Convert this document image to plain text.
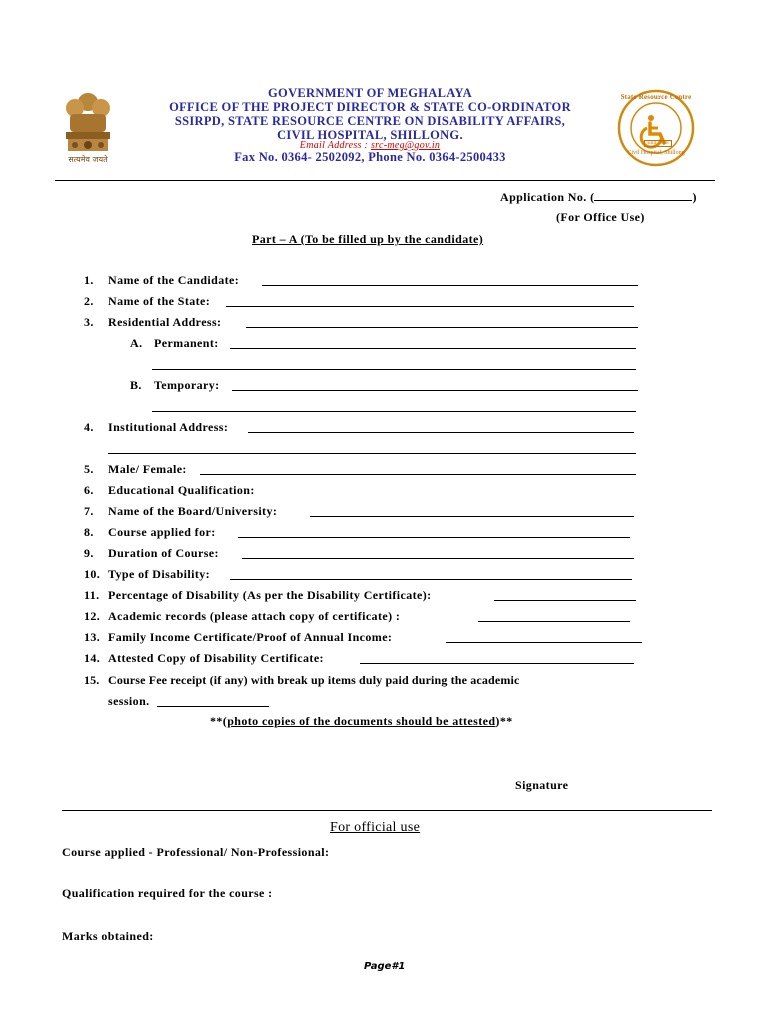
सत्यमेव जयते
State Resource Centre
Civil Hospital, Shillong
Estd. 2008
GOVERNMENT OF MEGHALAYA
OFFICE OF THE PROJECT DIRECTOR & STATE CO-ORDINATOR
SSIRPD, STATE RESOURCE CENTRE ON DISABILITY AFFAIRS,
CIVIL HOSPITAL, SHILLONG.
Email Address : src-meg@gov.in
Fax No. 0364- 2502092, Phone No. 0364-2500433
Application No. (	)
(For Office Use)
Part – A (To be filled up by the candidate)
1. Name of the Candidate:
2. Name of the State:
3. Residential Address:
A. Permanent:
B. Temporary:
4. Institutional Address:
5. Male/ Female:
6. Educational Qualification:
7. Name of the Board/University:
8. Course applied for:
9. Duration of Course:
10. Type of Disability:
11. Percentage of Disability (As per the Disability Certificate):
12. Academic records (please attach copy of certificate) :
13. Family Income Certificate/Proof of Annual Income:
14. Attested Copy of Disability Certificate:
15. Course Fee receipt (if any) with break up items duly paid during the academic
session.
**(photo copies of the documents should be attested)**
Signature
For official use
Course applied - Professional/ Non-Professional:
Qualification required for the course :
Marks obtained:
Page#1
